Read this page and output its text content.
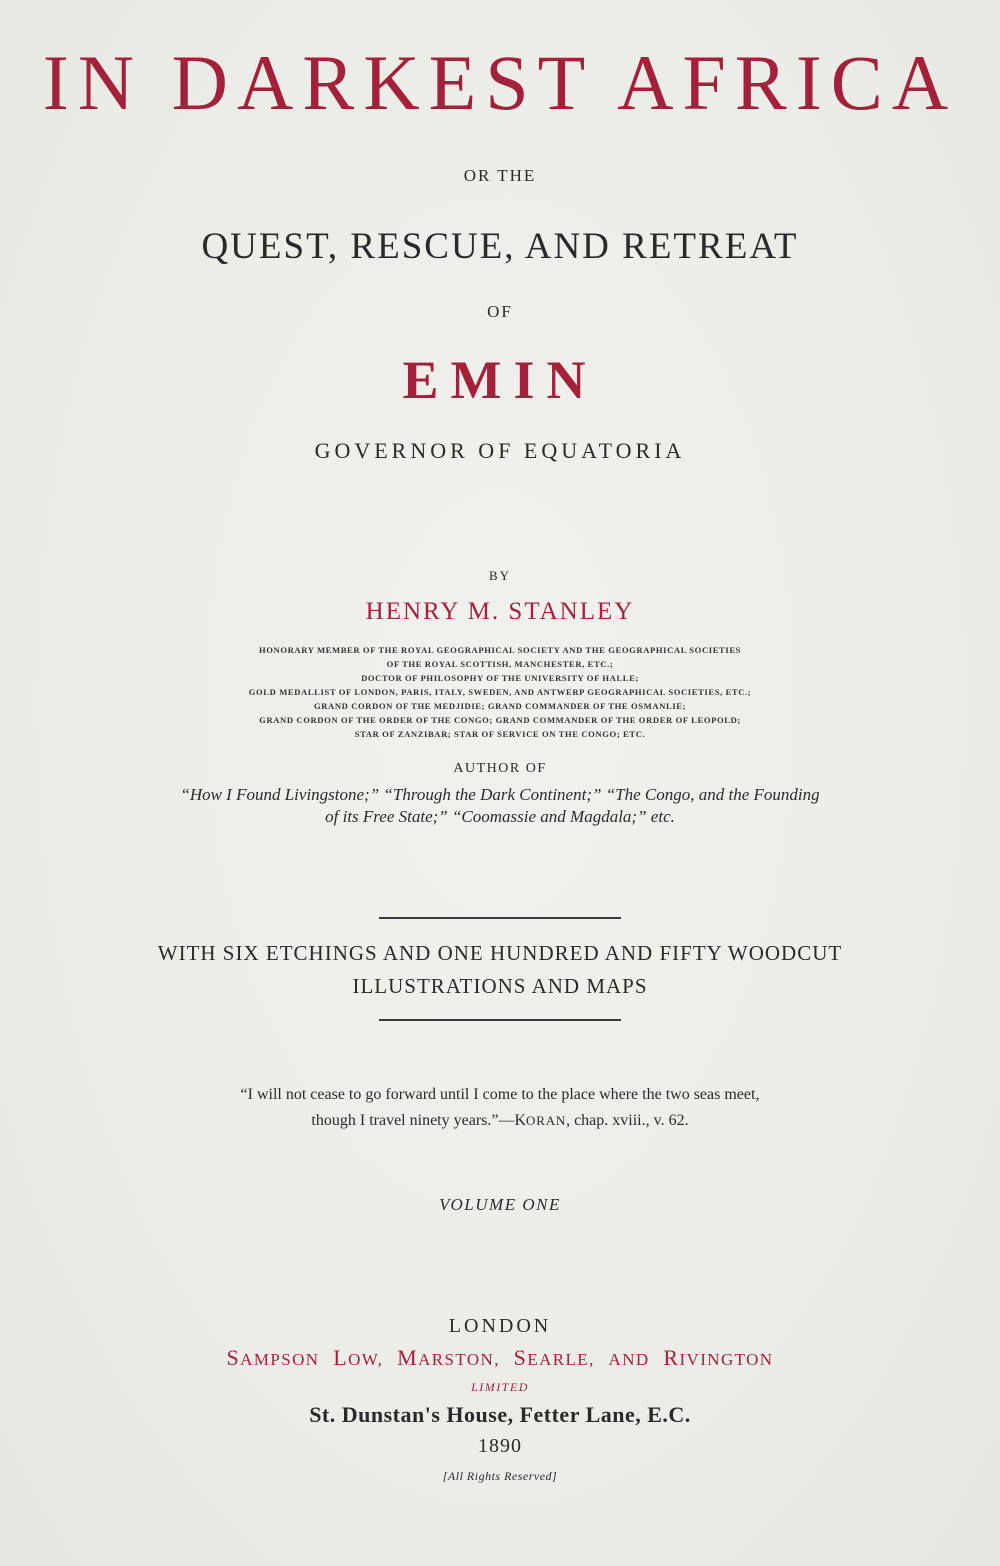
IN DARKEST AFRICA

OR THE

QUEST, RESCUE, AND RETREAT

OF

EMIN

GOVERNOR OF EQUATORIA

BY

HENRY M. STANLEY

HONORARY MEMBER OF THE ROYAL GEOGRAPHICAL SOCIETY AND THE GEOGRAPHICAL SOCIETIES

OF THE ROYAL SCOTTISH, MANCHESTER, ETC.;

DOCTOR OF PHILOSOPHY OF THE UNIVERSITY OF HALLE;

GOLD MEDALLIST OF LONDON, PARIS, ITALY, SWEDEN, AND ANTWERP GEOGRAPHICAL SOCIETIES, ETC.;

GRAND CORDON OF THE MEDJIDIE; GRAND COMMANDER OF THE OSMANLIE;

GRAND CORDON OF THE ORDER OF THE CONGO; GRAND COMMANDER OF THE ORDER OF LEOPOLD;

STAR OF ZANZIBAR; STAR OF SERVICE ON THE CONGO; ETC.

AUTHOR OF

“How I Found Livingstone;” “Through the Dark Continent;” “The Congo, and the Founding

of its Free State;” “Coomassie and Magdala;” etc.

WITH SIX ETCHINGS AND ONE HUNDRED AND FIFTY WOODCUT

ILLUSTRATIONS AND MAPS

“I will not cease to go forward until I come to the place where the two seas meet,

though I travel ninety years.”—KORAN, chap. xviii., v. 62.

VOLUME ONE

LONDON

SAMPSON LOW, MARSTON, SEARLE, AND RIVINGTON

LIMITED

St. Dunstan's House, Fetter Lane, E.C.

1890

[All Rights Reserved]
